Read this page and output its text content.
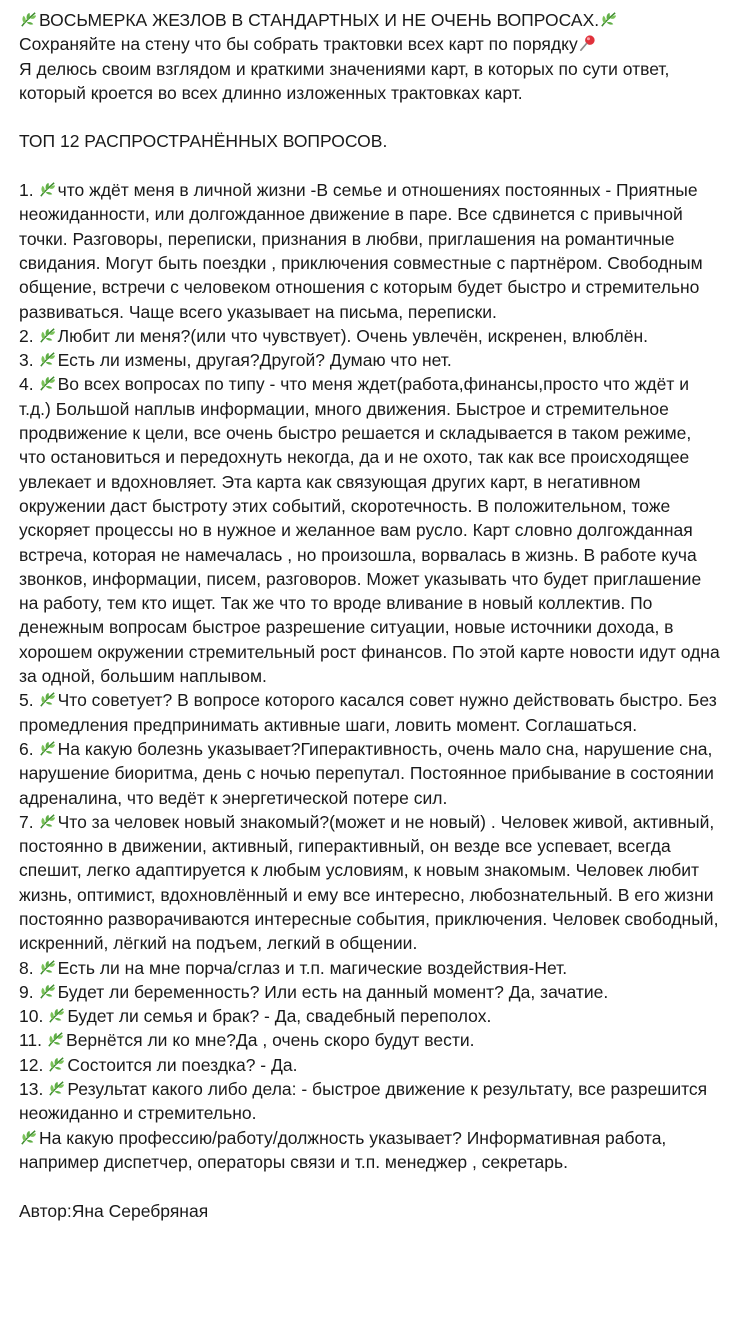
ВОСЬМЕРКА ЖЕЗЛОВ В СТАНДАРТНЫХ И НЕ ОЧЕНЬ ВОПРОСАХ.
Сохраняйте на стену что бы собрать трактовки всех карт по порядку
Я делюсь своим взглядом и краткими значениями карт, в которых по сути ответ, который кроется во всех длинно изложенных трактовках карт.
ТОП 12 РАСПРОСТРАНЁННЫХ ВОПРОСОВ.
1. что ждёт меня в личной жизни -В семье и отношениях постоянных - Приятные неожиданности, или долгожданное движение в паре. Все сдвинется с привычной точки. Разговоры, переписки, признания в любви, приглашения на романтичные свидания. Могут быть поездки , приключения совместные с партнёром. Свободным общение, встречи с человеком отношения с которым будет быстро и стремительно развиваться. Чаще всего указывает на письма, переписки.
2. Любит ли меня?(или что чувствует). Очень увлечён, искренен, влюблён.
3. Есть ли измены, другая?Другой? Думаю что нет.
4. Во всех вопросах по типу - что меня ждет(работа,финансы,просто что ждёт и т.д.) Большой наплыв информации, много движения. Быстрое и стремительное продвижение к цели, все очень быстро решается и складывается в таком режиме, что остановиться и передохнуть некогда, да и не охото, так как все происходящее увлекает и вдохновляет. Эта карта как связующая других карт, в негативном окружении даст быстроту этих событий, скоротечность. В положительном, тоже ускоряет процессы но в нужное и желанное вам русло. Карт словно долгожданная встреча, которая не намечалась , но произошла, ворвалась в жизнь. В работе куча звонков, информации, писем, разговоров. Может указывать что будет приглашение на работу, тем кто ищет. Так же что то вроде вливание в новый коллектив. По денежным вопросам быстрое разрешение ситуации, новые источники дохода, в хорошем окружении стремительный рост финансов. По этой карте новости идут одна за одной, большим наплывом.
5. Что советует? В вопросе которого касался совет нужно действовать быстро. Без промедления предпринимать активные шаги, ловить момент. Соглашаться.
6. На какую болезнь указывает?Гиперактивность, очень мало сна, нарушение сна, нарушение биоритма, день с ночью перепутал. Постоянное прибывание в состоянии адреналина, что ведёт к энергетической потере сил.
7. Что за человек новый знакомый?(может и не новый) . Человек живой, активный, постоянно в движении, активный, гиперактивный, он везде все успевает, всегда спешит, легко адаптируется к любым условиям, к новым знакомым. Человек любит жизнь, оптимист, вдохновлённый и ему все интересно, любознательный. В его жизни постоянно разворачиваются интересные события, приключения. Человек свободный, искренний, лёгкий на подъем, легкий в общении.
8. Есть ли на мне порча/сглаз и т.п. магические воздействия-Нет.
9. Будет ли беременность? Или есть на данный момент? Да, зачатие.
10. Будет ли семья и брак? - Да, свадебный переполох.
11. Вернётся ли ко мне?Да , очень скоро будут вести.
12. Состоится ли поездка? - Да.
13. Результат какого либо дела: - быстрое движение к результату, все разрешится неожиданно и стремительно.
На какую профессию/работу/должность указывает? Информативная работа, например диспетчер, операторы связи и т.п. менеджер , секретарь.
Автор:Яна Серебряная
